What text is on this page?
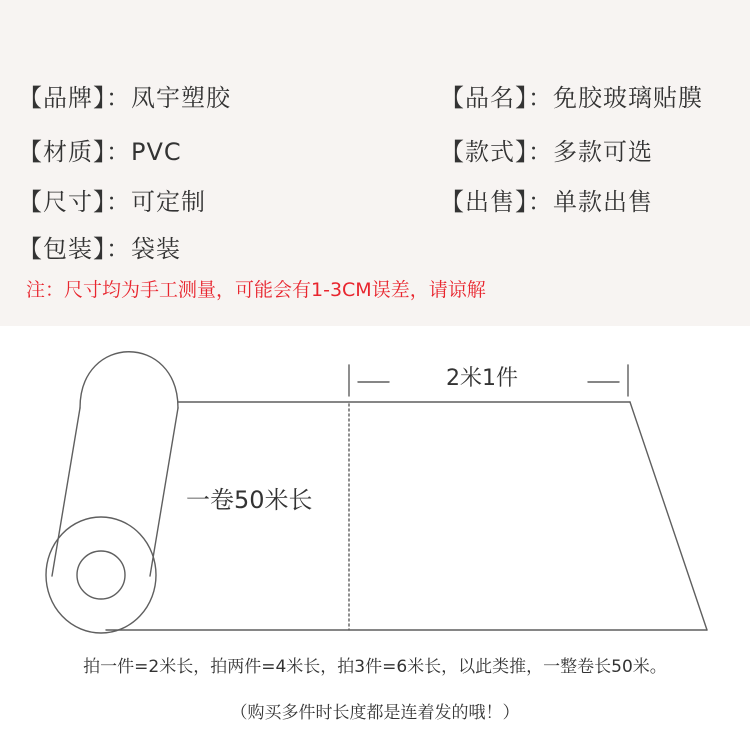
【品牌】：凤宇塑胶	【品名】：免胶玻璃贴膜
【材质】：PVC	【款式】：多款可选
【尺寸】：可定制	【出售】：单款出售
【包装】：袋装
注：尺寸均为手工测量，可能会有1-3CM误差，请谅解
2米1件
一卷50米长
拍一件=2米长，拍两件=4米长，拍3件=6米长，以此类推，一整卷长50米。
（购买多件时长度都是连着发的哦！）
